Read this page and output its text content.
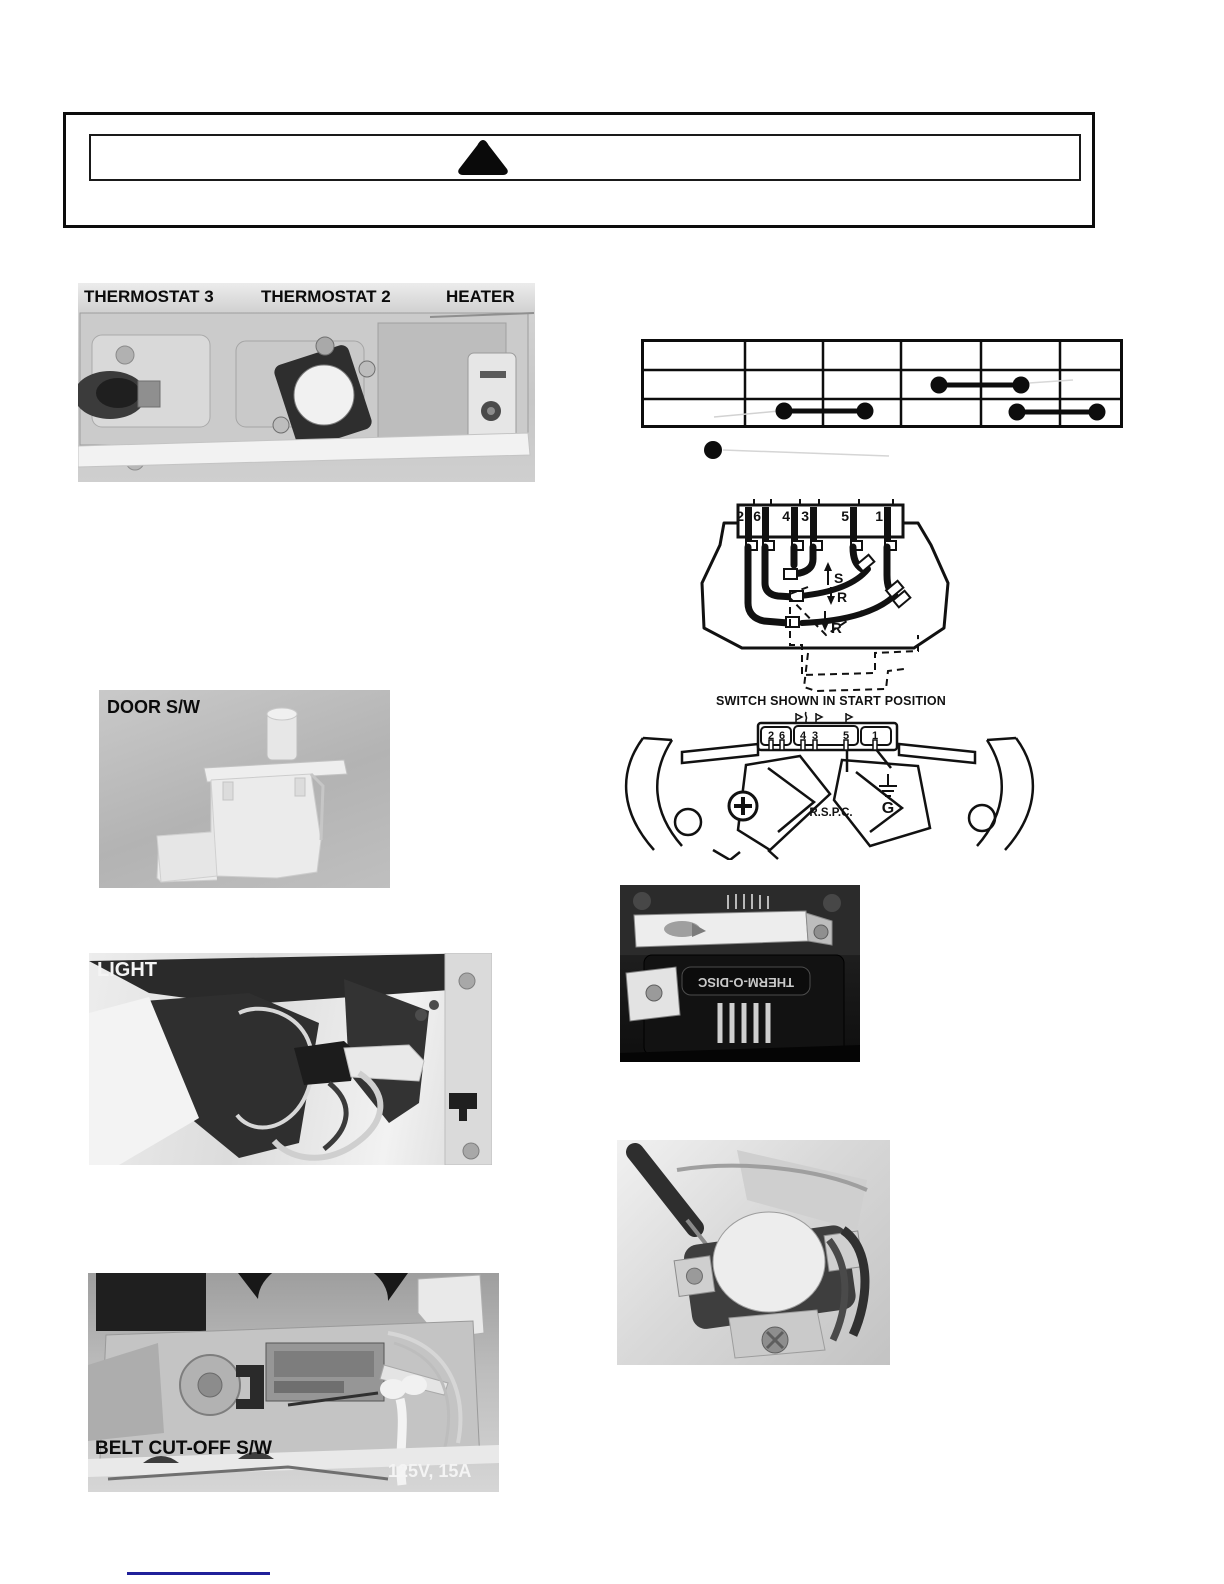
THERMOSTAT 3	THERMOSTAT 2	HEATER
S
R
R
2 6 4 3 5 1
SWITCH SHOWN IN START POSITION
G
R.S.P.C.
2 6 4 3 5 1
DOOR S/W
THERM-O-DISC
LIGHT
BELT CUT-OFF S/W
125V, 15A
